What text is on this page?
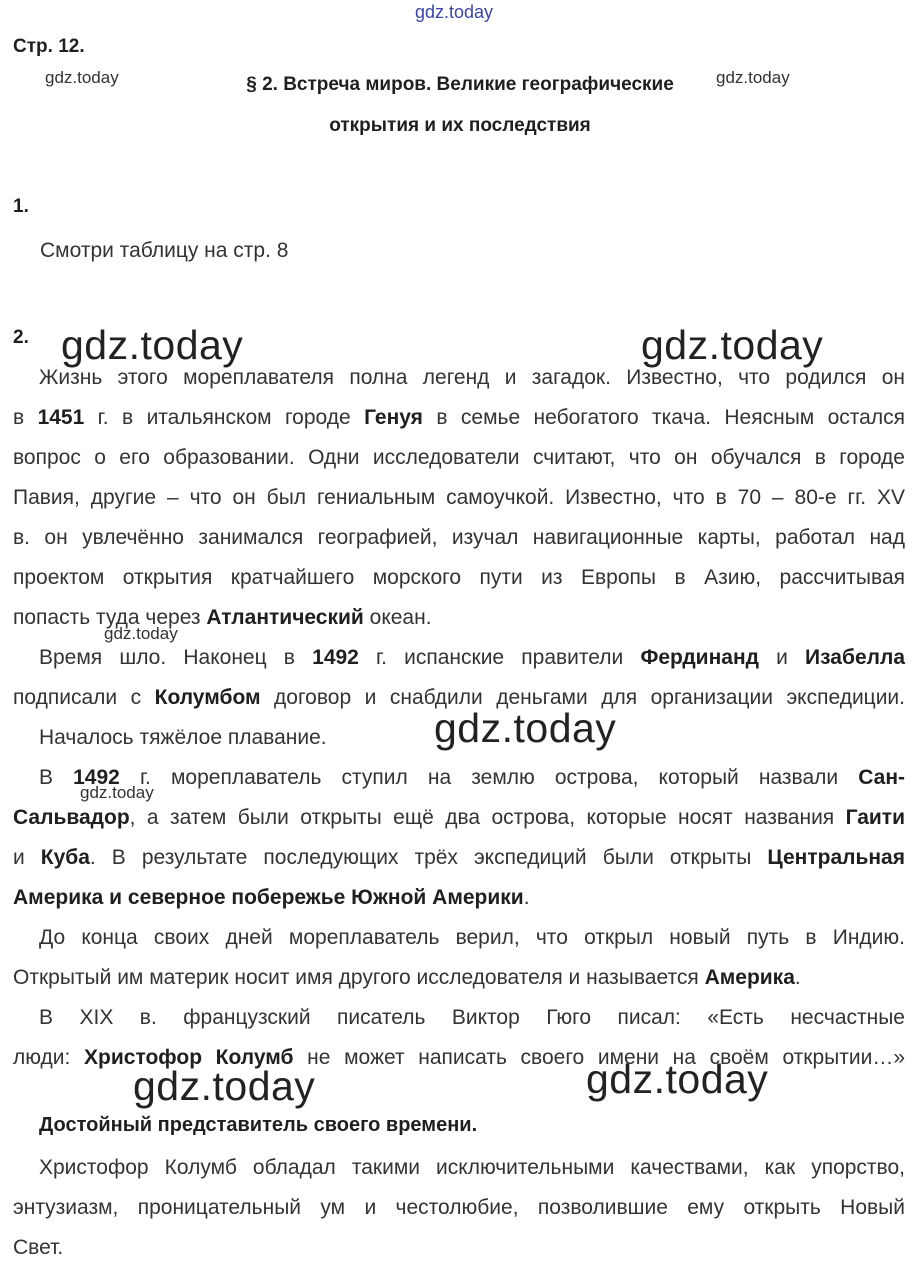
gdz.today
gdz.today	gdz.today
gdz.today	gdz.today
gdz.today
gdz.today
gdz.today
gdz.today	gdz.today
Стр. 12.
§ 2. Встреча миров. Великие географические
открытия и их последствия
1.
Смотри таблицу на стр. 8
2.
Жизнь этого мореплавателя полна легенд и загадок. Известно, что родился он
в 1451 г. в итальянском городе Генуя в семье небогатого ткача. Неясным остался
вопрос о его образовании. Одни исследователи считают, что он обучался в городе
Павия, другие – что он был гениальным самоучкой. Известно, что в 70 – 80-е гг. XV
в. он увлечённо занимался географией, изучал навигационные карты, работал над
проектом открытия кратчайшего морского пути из Европы в Азию, рассчитывая
попасть туда через Атлантический океан.
Время шло. Наконец в 1492 г. испанские правители Фердинанд и Изабелла
подписали с Колумбом договор и снабдили деньгами для организации экспедиции.
Началось тяжёлое плавание.
В 1492 г. мореплаватель ступил на землю острова, который назвали Сан-
Сальвадор, а затем были открыты ещё два острова, которые носят названия Гаити
и Куба. В результате последующих трёх экспедиций были открыты Центральная
Америка и северное побережье Южной Америки.
До конца своих дней мореплаватель верил, что открыл новый путь в Индию.
Открытый им материк носит имя другого исследователя и называется Америка.
В XIX в. французский писатель Виктор Гюго писал: «Есть несчастные
люди: Христофор Колумб не может написать своего имени на своём открытии…»
Достойный представитель своего времени.
Христофор Колумб обладал такими исключительными качествами, как упорство,
энтузиазм, проницательный ум и честолюбие, позволившие ему открыть Новый
Свет.
